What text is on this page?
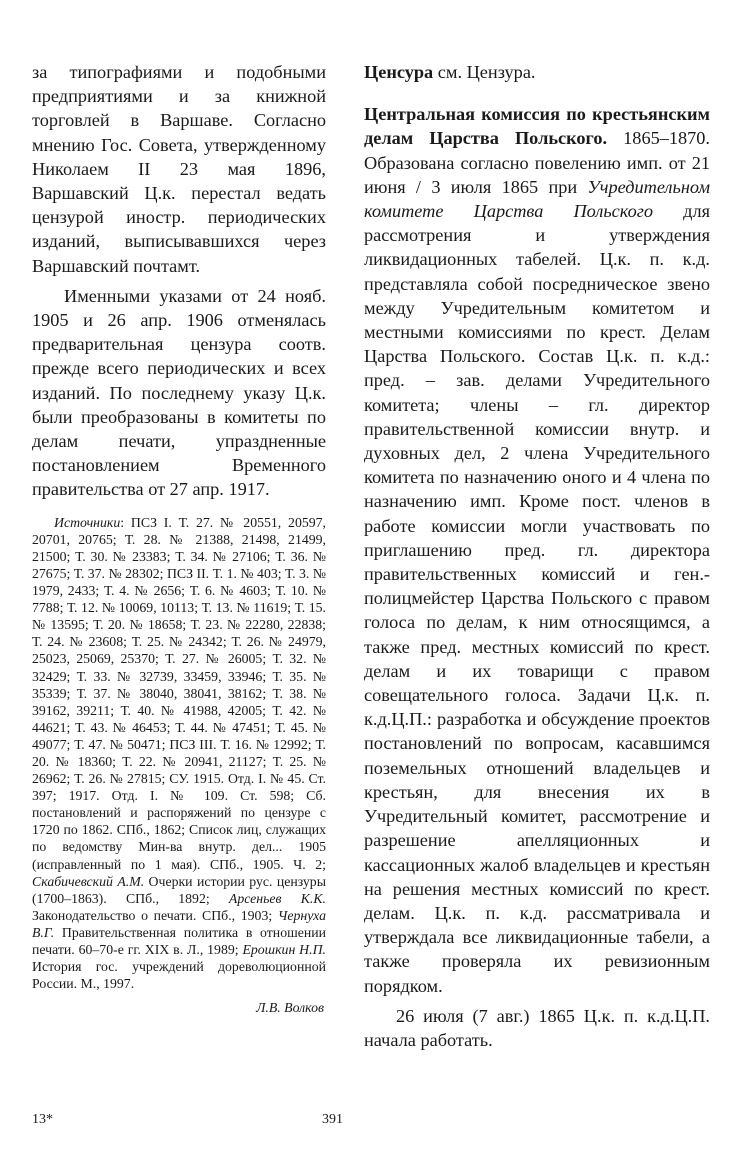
за типографиями и подобными предприятиями и за книжной торговлей в Варшаве. Согласно мнению Гос. Совета, утвержденному Николаем II 23 мая 1896, Варшавский Ц.к. перестал ведать цензурой иностр. периодических изданий, выписывавшихся через Варшавский почтамт.

Именными указами от 24 нояб. 1905 и 26 апр. 1906 отменялась предварительная цензура соотв. прежде всего периодических и всех изданий. По последнему указу Ц.к. были преобразованы в комитеты по делам печати, упраздненные постановлением Временного правительства от 27 апр. 1917.

Источники: ПСЗ I. Т. 27. № 20551, 20597, 20701, 20765; Т. 28. № 21388, 21498, 21499, 21500; Т. 30. № 23383; Т. 34. № 27106; Т. 36. № 27675; Т. 37. № 28302; ПСЗ II. Т. 1. № 403; Т. 3. № 1979, 2433; Т. 4. № 2656; Т. 6. № 4603; Т. 10. № 7788; Т. 12. № 10069, 10113; Т. 13. № 11619; Т. 15. № 13595; Т. 20. № 18658; Т. 23. № 22280, 22838; Т. 24. № 23608; Т. 25. № 24342; Т. 26. № 24979, 25023, 25069, 25370; Т. 27. № 26005; Т. 32. № 32429; Т. 33. № 32739, 33459, 33946; Т. 35. № 35339; Т. 37. № 38040, 38041, 38162; Т. 38. № 39162, 39211; Т. 40. № 41988, 42005; Т. 42. № 44621; Т. 43. № 46453; Т. 44. № 47451; Т. 45. № 49077; Т. 47. № 50471; ПСЗ III. Т. 16. № 12992; Т. 20. № 18360; Т. 22. № 20941, 21127; Т. 25. № 26962; Т. 26. № 27815; СУ. 1915. Отд. I. № 45. Ст. 397; 1917. Отд. I. № 109. Ст. 598; Сб. постановлений и распоряжений по цензуре с 1720 по 1862. СПб., 1862; Список лиц, служащих по ведомству Мин-ва внутр. дел... 1905 (исправленный по 1 мая). СПб., 1905. Ч. 2; Скабичевский А.М. Очерки истории рус. цензуры (1700–1863). СПб., 1892; Арсеньев К.К. Законодательство о печати. СПб., 1903; Чернуха В.Г. Правительственная политика в отношении печати. 60–70-е гг. XIX в. Л., 1989; Ерошкин Н.П. История гос. учреждений дореволюционной России. М., 1997.

Л.В. Волков

Ценсура см. Цензура.

Центральная комиссия по крестьянским делам Царства Польского. 1865–1870. Образована согласно повелению имп. от 21 июня / 3 июля 1865 при Учредительном комитете Царства Польского для рассмотрения и утверждения ликвидационных табелей. Ц.к. п. к.д. представляла собой посредническое звено между Учредительным комитетом и местными комиссиями по крест. Делам Царства Польского. Состав Ц.к. п. к.д.: пред. – зав. делами Учредительного комитета; члены – гл. директор правительственной комиссии внутр. и духовных дел, 2 члена Учредительного комитета по назначению оного и 4 члена по назначению имп. Кроме пост. членов в работе комиссии могли участвовать по приглашению пред. гл. директора правительственных комиссий и ген.-полицмейстер Царства Польского с правом голоса по делам, к ним относящимся, а также пред. местных комиссий по крест. делам и их товарищи с правом совещательного голоса. Задачи Ц.к. п. к.д.Ц.П.: разработка и обсуждение проектов постановлений по вопросам, касавшимся поземельных отношений владельцев и крестьян, для внесения их в Учредительный комитет, рассмотрение и разрешение апелляционных и кассационных жалоб владельцев и крестьян на решения местных комиссий по крест. делам. Ц.к. п. к.д. рассматривала и утверждала все ликвидационные табели, а также проверяла их ревизионным порядком.

26 июля (7 авг.) 1865 Ц.к. п. к.д.Ц.П. начала работать.

13*	391
